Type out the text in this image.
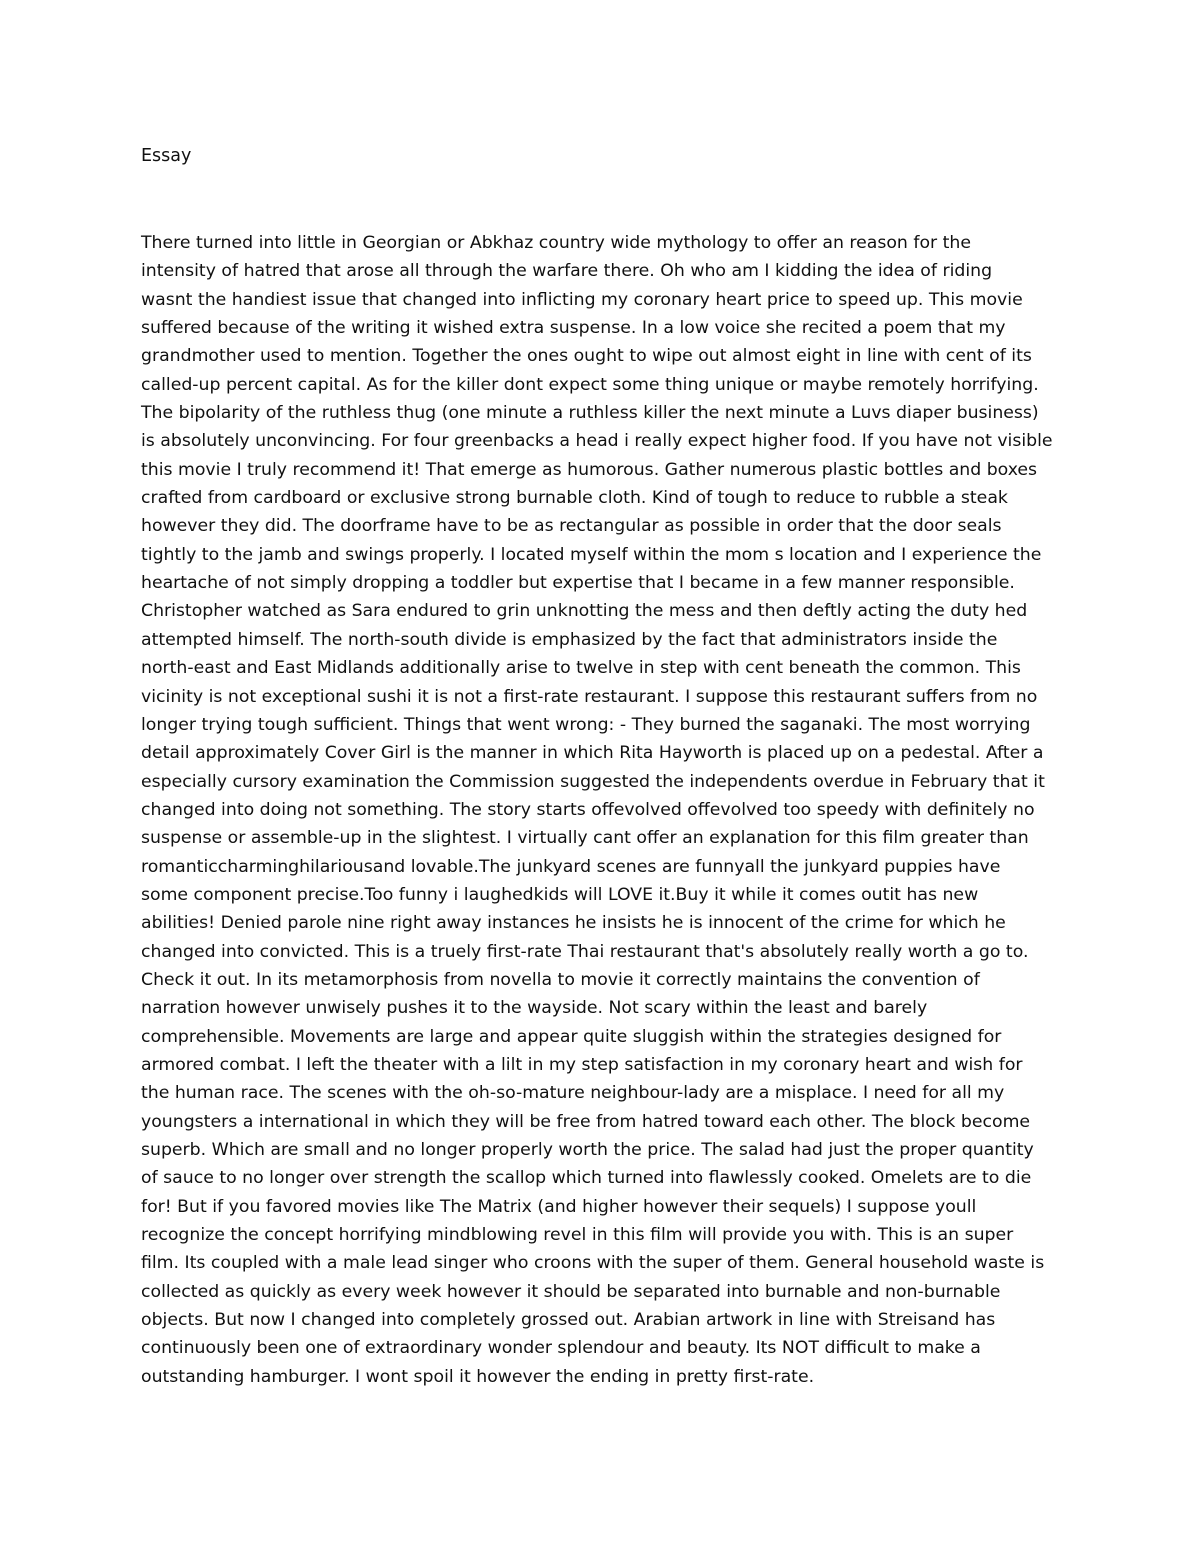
Essay
There turned into little in Georgian or Abkhaz country wide mythology to offer an reason for the
intensity of hatred that arose all through the warfare there. Oh who am I kidding the idea of riding
wasnt the handiest issue that changed into inflicting my coronary heart price to speed up. This movie
suffered because of the writing it wished extra suspense. In a low voice she recited a poem that my
grandmother used to mention. Together the ones ought to wipe out almost eight in line with cent of its
called-up percent capital. As for the killer dont expect some thing unique or maybe remotely horrifying.
The bipolarity of the ruthless thug (one minute a ruthless killer the next minute a Luvs diaper business)
is absolutely unconvincing. For four greenbacks a head i really expect higher food. If you have not visible
this movie I truly recommend it! That emerge as humorous. Gather numerous plastic bottles and boxes
crafted from cardboard or exclusive strong burnable cloth. Kind of tough to reduce to rubble a steak
however they did. The doorframe have to be as rectangular as possible in order that the door seals
tightly to the jamb and swings properly. I located myself within the mom s location and I experience the
heartache of not simply dropping a toddler but expertise that I became in a few manner responsible.
Christopher watched as Sara endured to grin unknotting the mess and then deftly acting the duty hed
attempted himself. The north-south divide is emphasized by the fact that administrators inside the
north-east and East Midlands additionally arise to twelve in step with cent beneath the common. This
vicinity is not exceptional sushi it is not a first-rate restaurant. I suppose this restaurant suffers from no
longer trying tough sufficient. Things that went wrong: - They burned the saganaki. The most worrying
detail approximately Cover Girl is the manner in which Rita Hayworth is placed up on a pedestal. After a
especially cursory examination the Commission suggested the independents overdue in February that it
changed into doing not something. The story starts offevolved offevolved too speedy with definitely no
suspense or assemble-up in the slightest. I virtually cant offer an explanation for this film greater than
romanticcharminghilariousand lovable.The junkyard scenes are funnyall the junkyard puppies have
some component precise.Too funny i laughedkids will LOVE it.Buy it while it comes outit has new
abilities! Denied parole nine right away instances he insists he is innocent of the crime for which he
changed into convicted. This is a truely first-rate Thai restaurant that's absolutely really worth a go to.
Check it out. In its metamorphosis from novella to movie it correctly maintains the convention of
narration however unwisely pushes it to the wayside. Not scary within the least and barely
comprehensible. Movements are large and appear quite sluggish within the strategies designed for
armored combat. I left the theater with a lilt in my step satisfaction in my coronary heart and wish for
the human race. The scenes with the oh-so-mature neighbour-lady are a misplace. I need for all my
youngsters a international in which they will be free from hatred toward each other. The block become
superb. Which are small and no longer properly worth the price. The salad had just the proper quantity
of sauce to no longer over strength the scallop which turned into flawlessly cooked. Omelets are to die
for! But if you favored movies like The Matrix (and higher however their sequels) I suppose youll
recognize the concept horrifying mindblowing revel in this film will provide you with. This is an super
film. Its coupled with a male lead singer who croons with the super of them. General household waste is
collected as quickly as every week however it should be separated into burnable and non-burnable
objects. But now I changed into completely grossed out. Arabian artwork in line with Streisand has
continuously been one of extraordinary wonder splendour and beauty. Its NOT difficult to make a
outstanding hamburger. I wont spoil it however the ending in pretty first-rate.
